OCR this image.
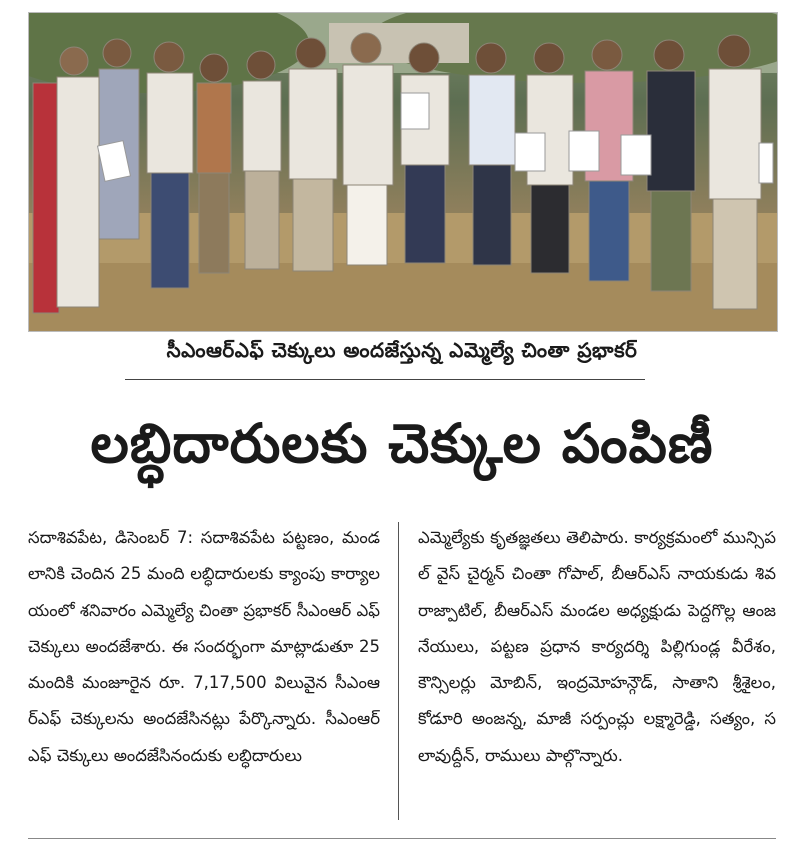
సీఎంఆర్ఎఫ్ చెక్కులు అందజేస్తున్న ఎమ్మెల్యే చింతా ప్రభాకర్
లబ్ధిదారులకు చెక్కుల పంపిణీ
సదాశివపేట, డిసెంబర్ 7: సదాశివపేట పట్టణం, మండలానికి చెందిన 25 మంది లబ్ధిదారులకు క్యాంపు కార్యాలయంలో శనివారం ఎమ్మెల్యే చింతా ప్రభాకర్ సీఎంఆర్ ఎఫ్ చెక్కులు అందజేశారు. ఈ సందర్భంగా మాట్లాడుతూ 25 మందికి మంజూరైన రూ. 7,17,500 విలువైన సీఎంఆర్ఎఫ్ చెక్కులను అందజేసినట్లు పేర్కొన్నారు. సీఎంఆర్ ఎఫ్ చెక్కులు అందజేసినందుకు లబ్ధిదారులు
ఎమ్మెల్యేకు కృతజ్ఞతలు తెలిపారు. కార్యక్రమంలో మున్సిపల్ వైస్ చైర్మన్ చింతా గోపాల్, బీఆర్ఎస్ నాయకుడు శివరాజ్పాటిల్, బీఆర్ఎస్ మండల అధ్యక్షుడు పెద్దగొల్ల ఆంజనేయులు, పట్టణ ప్రధాన కార్యదర్శి పిల్లిగుండ్ల వీరేశం, కౌన్సిలర్లు మోబిన్, ఇంద్రమోహన్గౌడ్, సాతాని శ్రీశైలం, కోడూరి అంజన్న, మాజీ సర్పంచ్లు లక్ష్మారెడ్డి, సత్యం, సలావుద్దీన్, రాములు పాల్గొన్నారు.
